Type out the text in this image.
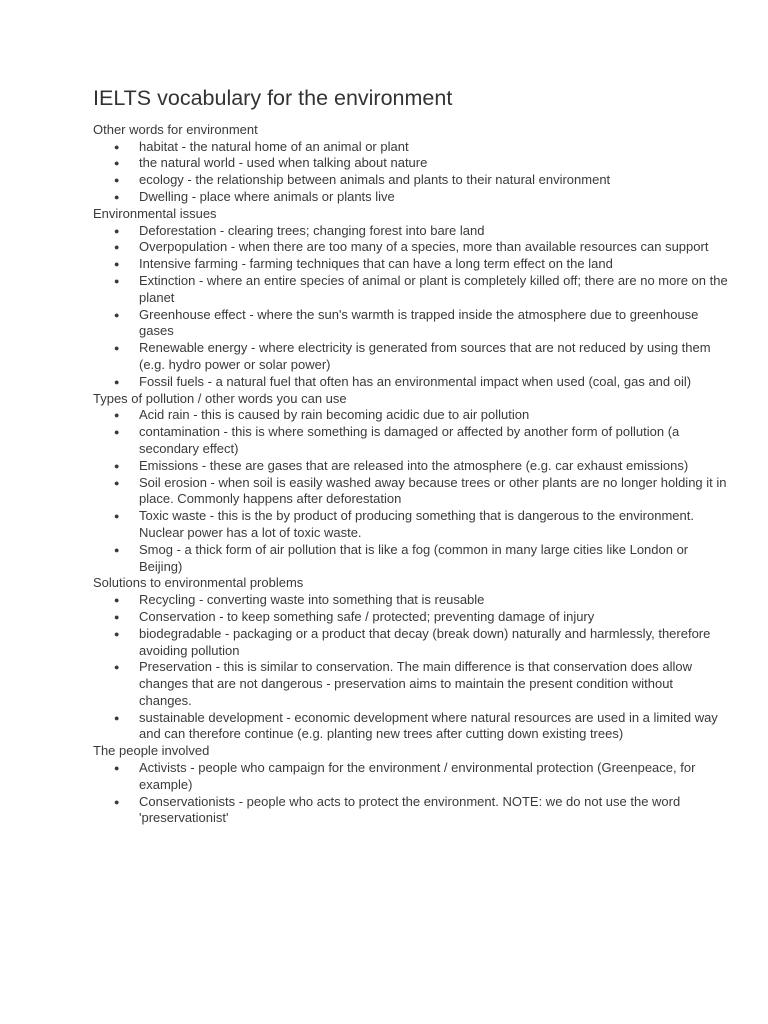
IELTS vocabulary for the environment

Other words for environment

● habitat - the natural home of an animal or plant
● the natural world - used when talking about nature
● ecology - the relationship between animals and plants to their natural environment
● Dwelling - place where animals or plants live

Environmental issues

● Deforestation - clearing trees; changing forest into bare land
● Overpopulation - when there are too many of a species, more than available resources can support
● Intensive farming - farming techniques that can have a long term effect on the land
● Extinction - where an entire species of animal or plant is completely killed off; there are no more on the planet
● Greenhouse effect - where the sun's warmth is trapped inside the atmosphere due to greenhouse gases
● Renewable energy - where electricity is generated from sources that are not reduced by using them (e.g. hydro power or solar power)
● Fossil fuels - a natural fuel that often has an environmental impact when used (coal, gas and oil)

Types of pollution / other words you can use

● Acid rain - this is caused by rain becoming acidic due to air pollution
● contamination - this is where something is damaged or affected by another form of pollution (a secondary effect)
● Emissions - these are gases that are released into the atmosphere (e.g. car exhaust emissions)
● Soil erosion - when soil is easily washed away because trees or other plants are no longer holding it in place. Commonly happens after deforestation
● Toxic waste - this is the by product of producing something that is dangerous to the environment. Nuclear power has a lot of toxic waste.
● Smog - a thick form of air pollution that is like a fog (common in many large cities like London or Beijing)

Solutions to environmental problems

● Recycling - converting waste into something that is reusable
● Conservation - to keep something safe / protected; preventing damage of injury
● biodegradable - packaging or a product that decay (break down) naturally and harmlessly, therefore avoiding pollution
● Preservation - this is similar to conservation. The main difference is that conservation does allow changes that are not dangerous - preservation aims to maintain the present condition without changes.
● sustainable development - economic development where natural resources are used in a limited way and can therefore continue (e.g. planting new trees after cutting down existing trees)

The people involved

● Activists - people who campaign for the environment / environmental protection (Greenpeace, for example)
● Conservationists - people who acts to protect the environment. NOTE: we do not use the word 'preservationist'
